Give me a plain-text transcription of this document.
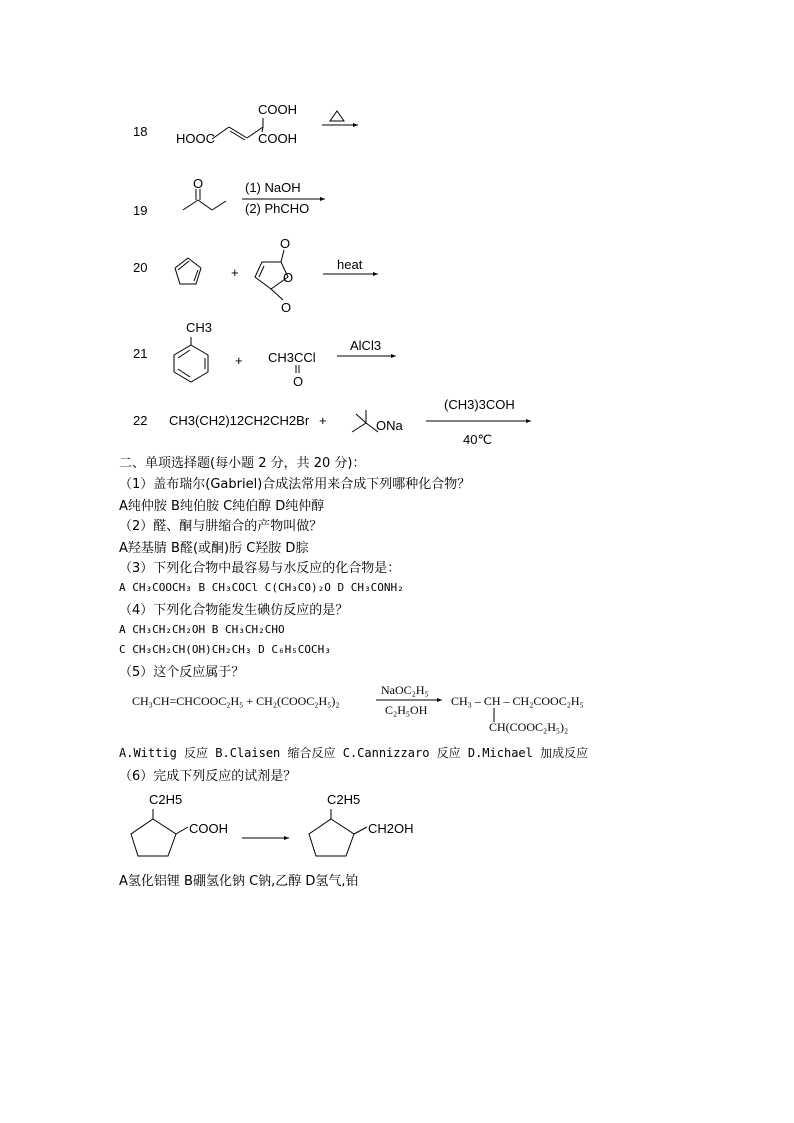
18
COOH
HOOC	COOH
19
O	(1) NaOH
(2) PhCHO
20	+
O
O
O
heat
21
CH3
+ CH3CCl
O
AlCl3
22 CH3(CH2)12CH2CH2Br +	ONa
(CH3)3COH
40℃
二、单项选择题(每小题 2 分，共 20 分)：
（1）盖布瑞尔(Gabriel)合成法常用来合成下列哪种化合物？
A纯仲胺 B纯伯胺 C纯伯醇 D纯仲醇
（2）醛、酮与肼缩合的产物叫做？
A羟基腈 B醛(或酮)肟 C羟胺 D腙
（3）下列化合物中最容易与水反应的化合物是：
A CH₃COOCH₃ B CH₃COCl C(CH₃CO)₂O D CH₃CONH₂
（4）下列化合物能发生碘仿反应的是？
A CH₃CH₂CH₂OH B CH₃CH₂CHO
C CH₃CH₂CH(OH)CH₂CH₃ D C₆H₅COCH₃
（5）这个反应属于？
CH₃CH=CHCOOC₂H₅ + CH₂(COOC₂H₅)₂
NaOC₂H₅
C₂H₅OH
CH₃ – CH – CH₂COOC₂H₅
CH(COOC₂H₅)₂
A.Wittig 反应 B.Claisen 缩合反应 C.Cannizzaro 反应 D.Michael 加成反应
（6）完成下列反应的试剂是？
C2H5
COOH
C2H5
CH2OH
A氢化铝锂 B硼氢化钠 C钠,乙醇 D氢气,铂
